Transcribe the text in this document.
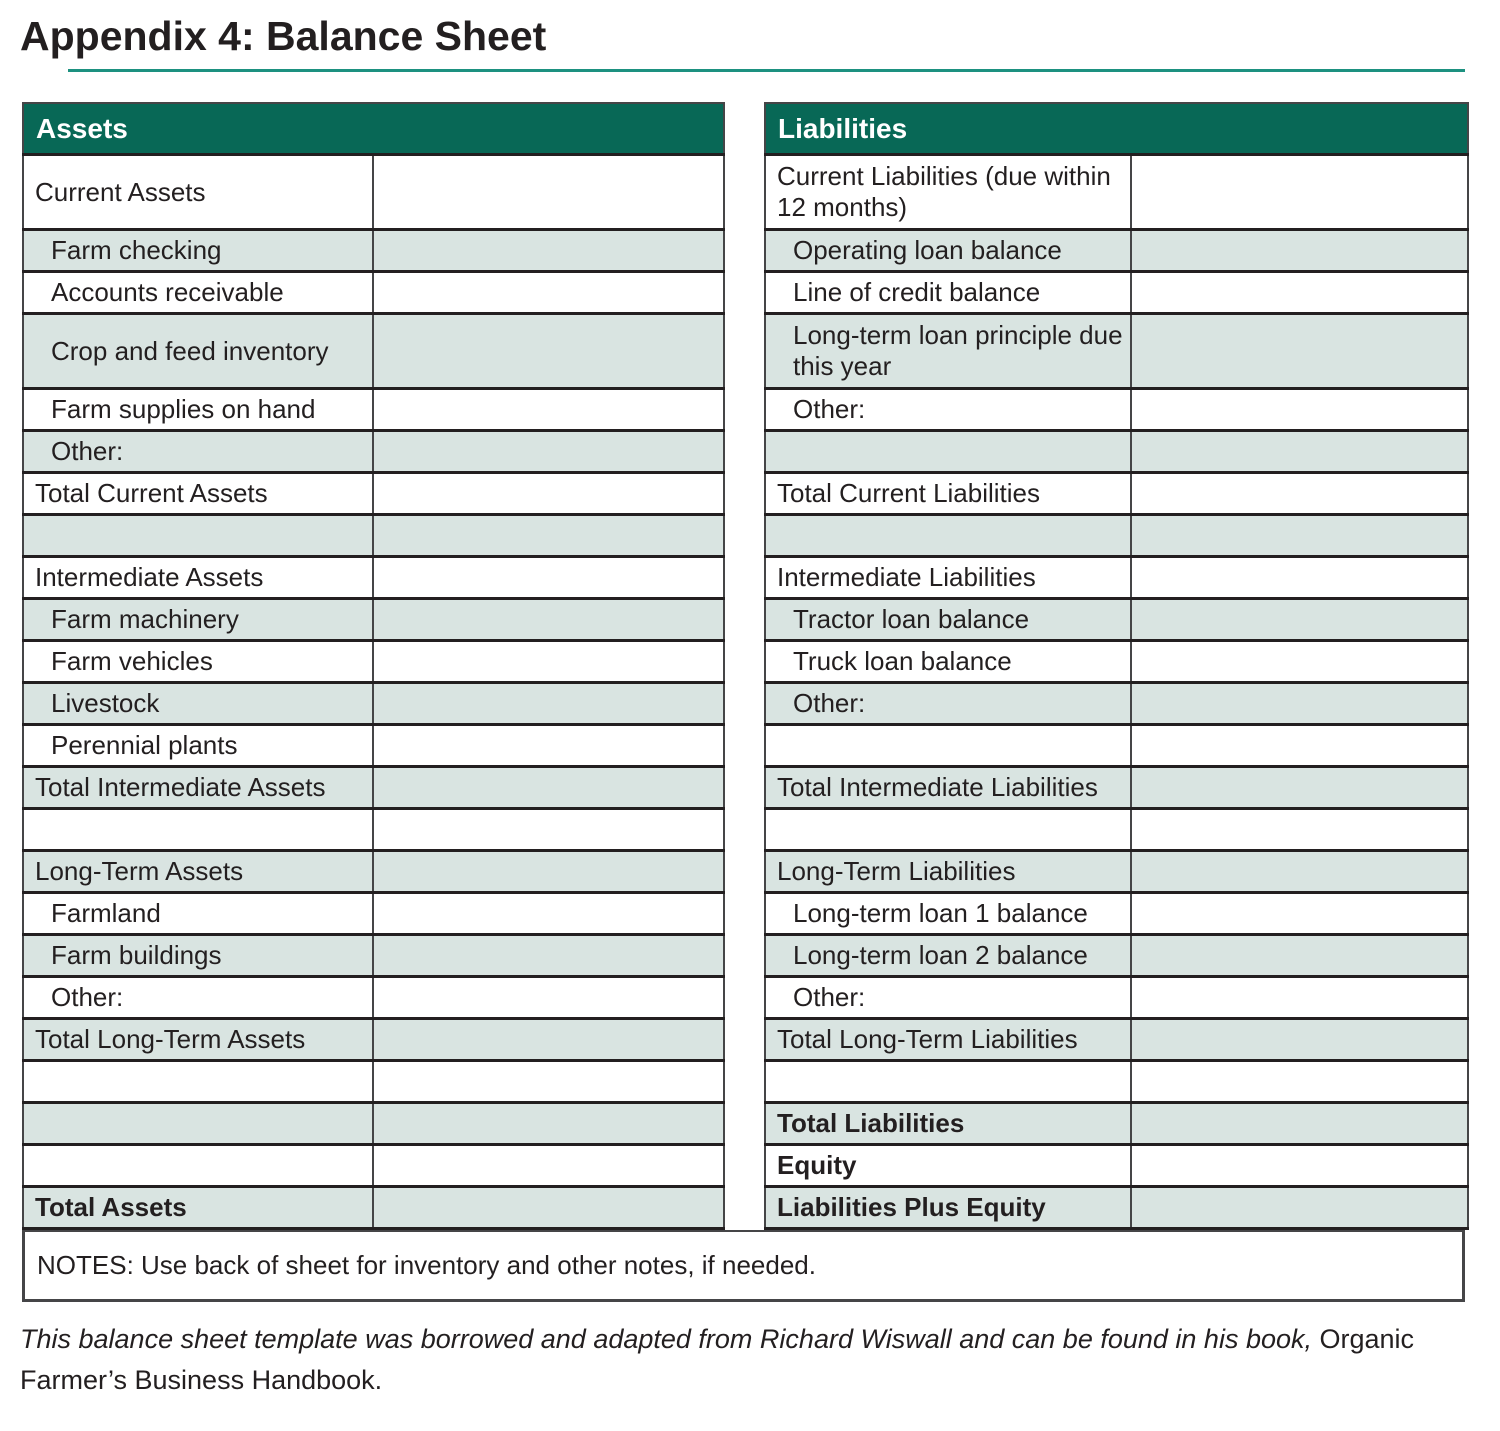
Appendix 4: Balance Sheet
Assets	
Current Assets	
Farm checking	
Accounts receivable	
Crop and feed inventory	
Farm supplies on hand	
Other:	
Total Current Assets	

Intermediate Assets	
Farm machinery	
Farm vehicles	
Livestock	
Perennial plants	
Total Intermediate Assets	

Long-Term Assets	
Farmland	
Farm buildings	
Other:	
Total Long-Term Assets	

Total Assets	
Liabilities	
Current Liabilities (due within 12 months)	
Operating loan balance	
Line of credit balance	
Long-term loan principle due this year	
Other:	

Total Current Liabilities	

Intermediate Liabilities	
Tractor loan balance	
Truck loan balance	
Other:	

Total Intermediate Liabilities	

Long-Term Liabilities	
Long-term loan 1 balance	
Long-term loan 2 balance	
Other:	
Total Long-Term Liabilities	

Total Liabilities	
Equity	
Liabilities Plus Equity	
NOTES: Use back of sheet for inventory and other notes, if needed.

This balance sheet template was borrowed and adapted from Richard Wiswall and can be found in his book, Organic Farmer’s Business Handbook.
